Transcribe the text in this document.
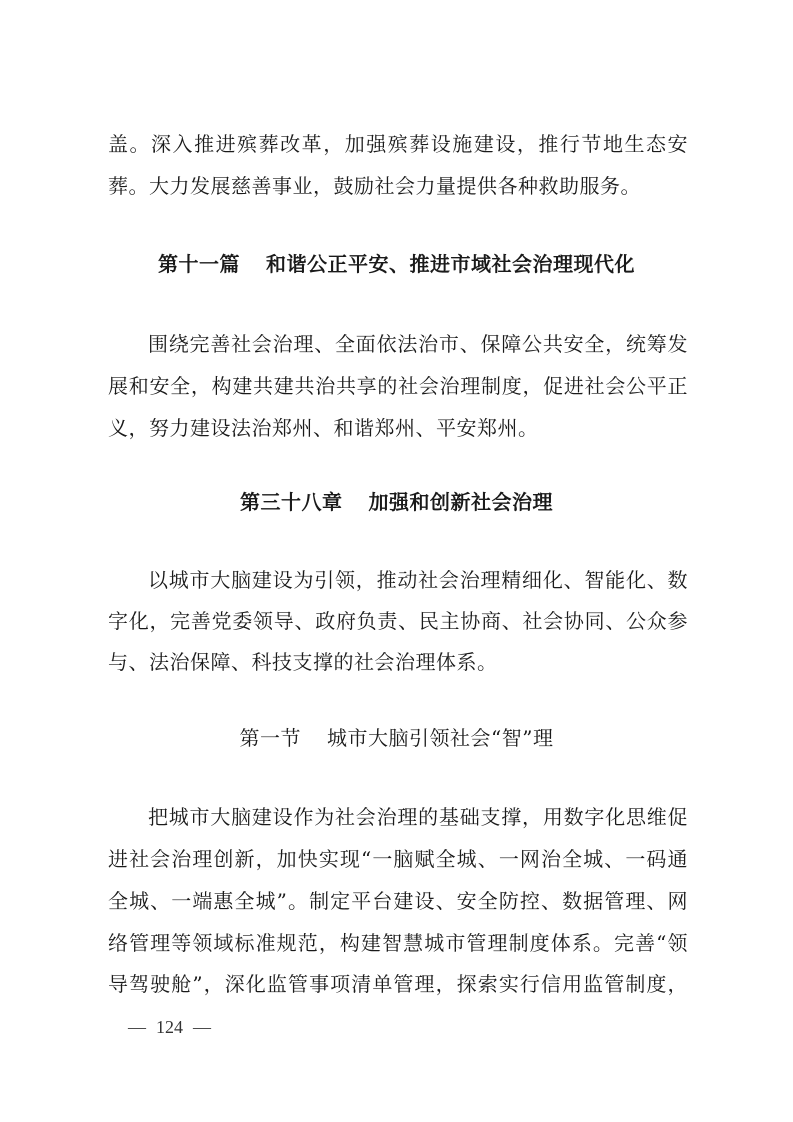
盖。深入推进殡葬改革，加强殡葬设施建设，推行节地生态安
葬。大力发展慈善事业，鼓励社会力量提供各种救助服务。
第十一篇 和谐公正平安、推进市域社会治理现代化
围绕完善社会治理、全面依法治市、保障公共安全，统筹发
展和安全，构建共建共治共享的社会治理制度，促进社会公平正
义，努力建设法治郑州、和谐郑州、平安郑州。
第三十八章 加强和创新社会治理
以城市大脑建设为引领，推动社会治理精细化、智能化、数
字化，完善党委领导、政府负责、民主协商、社会协同、公众参
与、法治保障、科技支撑的社会治理体系。
第一节 城市大脑引领社会“智”理
把城市大脑建设作为社会治理的基础支撑，用数字化思维促
进社会治理创新，加快实现“一脑赋全城、一网治全城、一码通
全城、一端惠全城”。制定平台建设、安全防控、数据管理、网
络管理等领域标准规范，构建智慧城市管理制度体系。完善“领
导驾驶舱”，深化监管事项清单管理，探索实行信用监管制度，
— 124 —
